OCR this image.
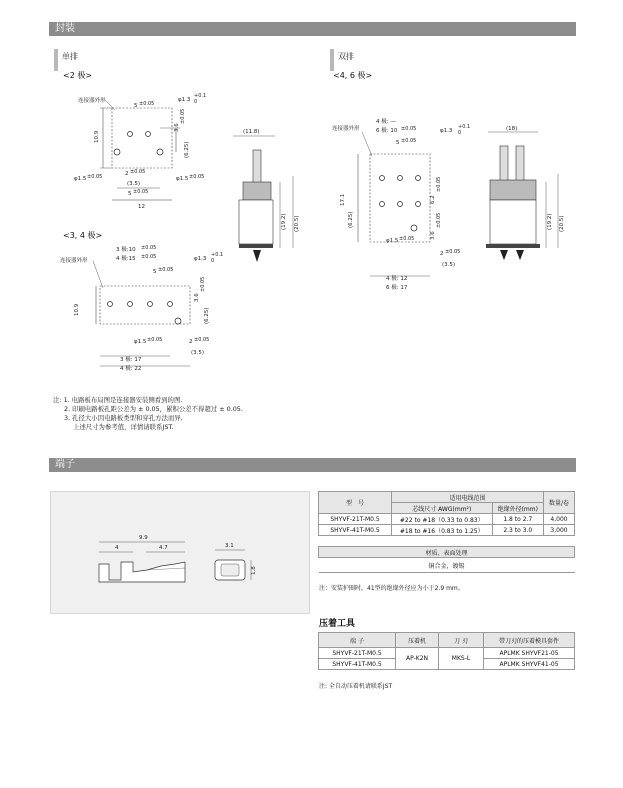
封装
单排
<2 极>
双排
<4, 6 极>
连接器外形	φ1.3
+0.1
0
5 ±0.05
10.9
3.6
±0.05
(6.25)
φ1.5 ±0.05	φ1.5 ±0.05
2 ±0.05
(3.5)
5 ±0.05
12
(11.8)
(19.2) (20.5)
<3, 4 极>
连接器外形
3 极:10 ±0.05
4 极:15 ±0.05	φ1.3
+0.1
0
5 ±0.05
10.9
3.6
±0.05
(6.25)
φ1.5 ±0.05	2 ±0.05
(3.5)
3 极: 17
4 极: 22
连接器外形
4 极: —
6 极: 10 ±0.05	φ1.3
+0.1
0
5 ±0.05
17.1
(6.25)
6.2
±0.05
3.6
±0.05
φ1.5 ±0.05
2 ±0.05
(3.5)
4 极: 12
6 极: 17
(18)
(19.2) (20.5)
注: 1. 电路板布局图是连接器安装侧看到的图.
2. 印刷电路板孔距公差为 ± 0.05，累积公差不得超过 ± 0.05.
3. 孔径大小因电路板类型和穿孔方法而异,
上述尺寸为参考值，详情请联系JST.
端子
9.9
4	4.7	3.1
1.8
型　号	适用电线范围		数量/卷
	芯线尺寸 AWG(mm²)	绝缘外径(mm)	
SHYVF-21T-M0.5	#22 to #18（0.33 to 0.83）	1.8 to 2.7	4,000
SHYVF-41T-M0.5	#18 to #16（0.83 to 1.25）	2.3 to 3.0	3,000
材质、表面处理
铜合金，镀锡
注：安装护圈时，41型的绝缘外径应为小于2.9 mm。
压着工具
端 子	压着机	刀 刃	带刀刃的压着模具套件
SHYVF-21T-M0.5	AP-K2N	MKS-L	APLMK SHYVF21-05
SHYVF-41T-M0.5			APLMK SHYVF41-05
注: 全自动压着机请联系JST
